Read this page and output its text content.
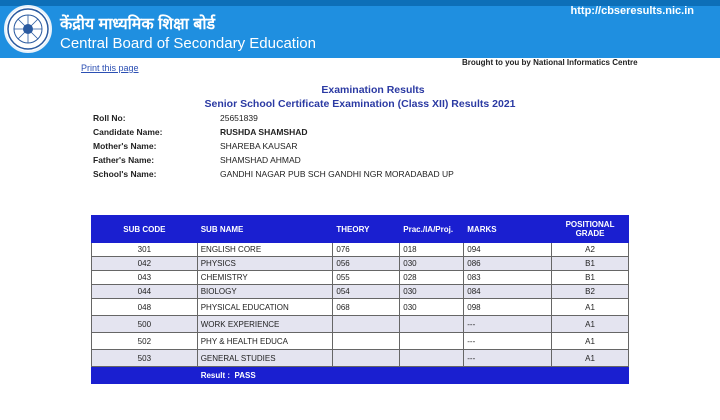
केंद्रीय माध्यमिक शिक्षा बोर्ड
Central Board of Secondary Education
http://cbseresults.nic.in
Print this page
Brought to you by National Informatics Centre
Examination Results
Senior School Certificate Examination (Class XII) Results 2021
Roll No:	25651839
Candidate Name:	RUSHDA SHAMSHAD
Mother's Name:	SHAREBA KAUSAR
Father's Name:	SHAMSHAD AHMAD
School's Name:	GANDHI NAGAR PUB SCH GANDHI NGR MORADABAD UP
SUB CODE	SUB NAME	THEORY	Prac./IA/Proj.	MARKS	POSITIONAL GRADE
301	ENGLISH CORE	076	018	094	A2
042	PHYSICS	056	030	086	B1
043	CHEMISTRY	055	028	083	B1
044	BIOLOGY	054	030	084	B2
048	PHYSICAL EDUCATION	068	030	098	A1
500	WORK EXPERIENCE			---	A1
502	PHY & HEALTH EDUCA			---	A1
503	GENERAL STUDIES			---	A1
	Result : PASS				
